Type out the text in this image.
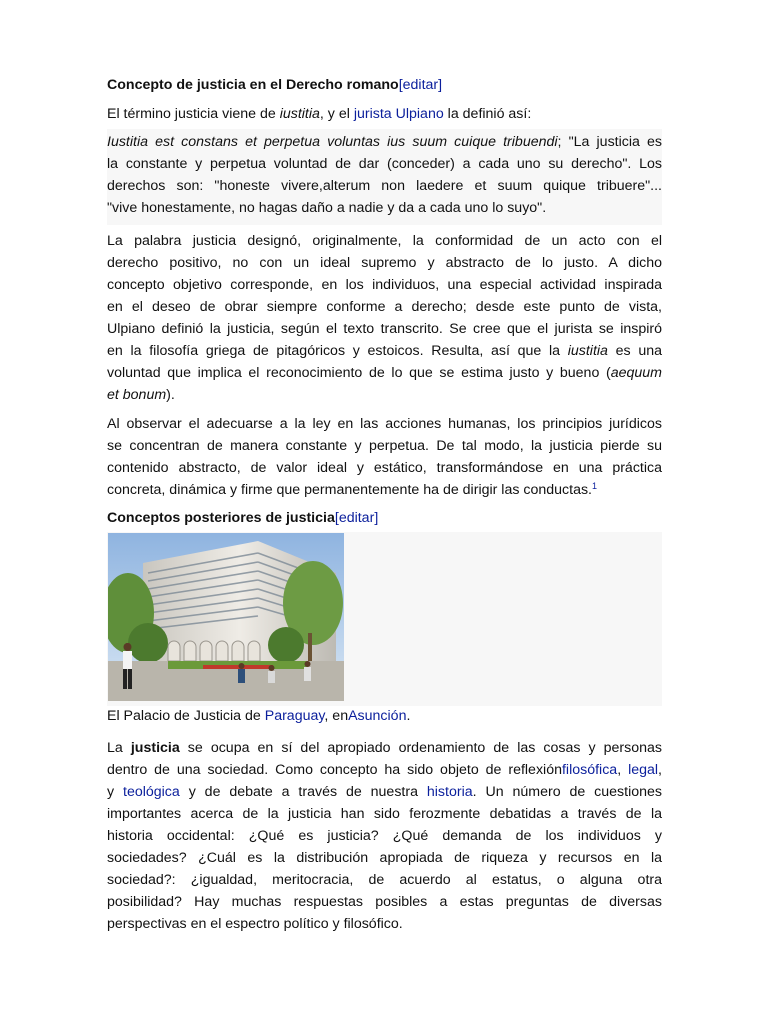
Concepto de justicia en el Derecho romano[editar]
El término justicia viene de iustitia, y el jurista Ulpiano la definió así:
Iustitia est constans et perpetua voluntas ius suum cuique tribuendi; "La justicia es
la constante y perpetua voluntad de dar (conceder) a cada uno su derecho". Los
derechos son: "honeste vivere,alterum non laedere et suum quique tribuere"...
"vive honestamente, no hagas daño a nadie y da a cada uno lo suyo".
La palabra justicia designó, originalmente, la conformidad de un acto con el
derecho positivo, no con un ideal supremo y abstracto de lo justo. A dicho
concepto objetivo corresponde, en los individuos, una especial actividad inspirada
en el deseo de obrar siempre conforme a derecho; desde este punto de vista,
Ulpiano definió la justicia, según el texto transcrito. Se cree que el jurista se inspiró
en la filosofía griega de pitagóricos y estoicos. Resulta, así que la iustitia es una
voluntad que implica el reconocimiento de lo que se estima justo y bueno (aequum
et bonum).
Al observar el adecuarse a la ley en las acciones humanas, los principios jurídicos
se concentran de manera constante y perpetua. De tal modo, la justicia pierde su
contenido abstracto, de valor ideal y estático, transformándose en una práctica
concreta, dinámica y firme que permanentemente ha de dirigir las conductas.$^1$
Conceptos posteriores de justicia[editar]
El Palacio de Justicia de Paraguay, enAsunción.
La justicia se ocupa en sí del apropiado ordenamiento de las cosas y personas
dentro de una sociedad. Como concepto ha sido objeto de reflexiónfilosófica, legal,
y teológica y de debate a través de nuestra historia. Un número de cuestiones
importantes acerca de la justicia han sido ferozmente debatidas a través de la
historia occidental: ¿Qué es justicia? ¿Qué demanda de los individuos y
sociedades? ¿Cuál es la distribución apropiada de riqueza y recursos en la
sociedad?: ¿igualdad, meritocracia, de acuerdo al estatus, o alguna otra
posibilidad? Hay muchas respuestas posibles a estas preguntas de diversas
perspectivas en el espectro político y filosófico.
